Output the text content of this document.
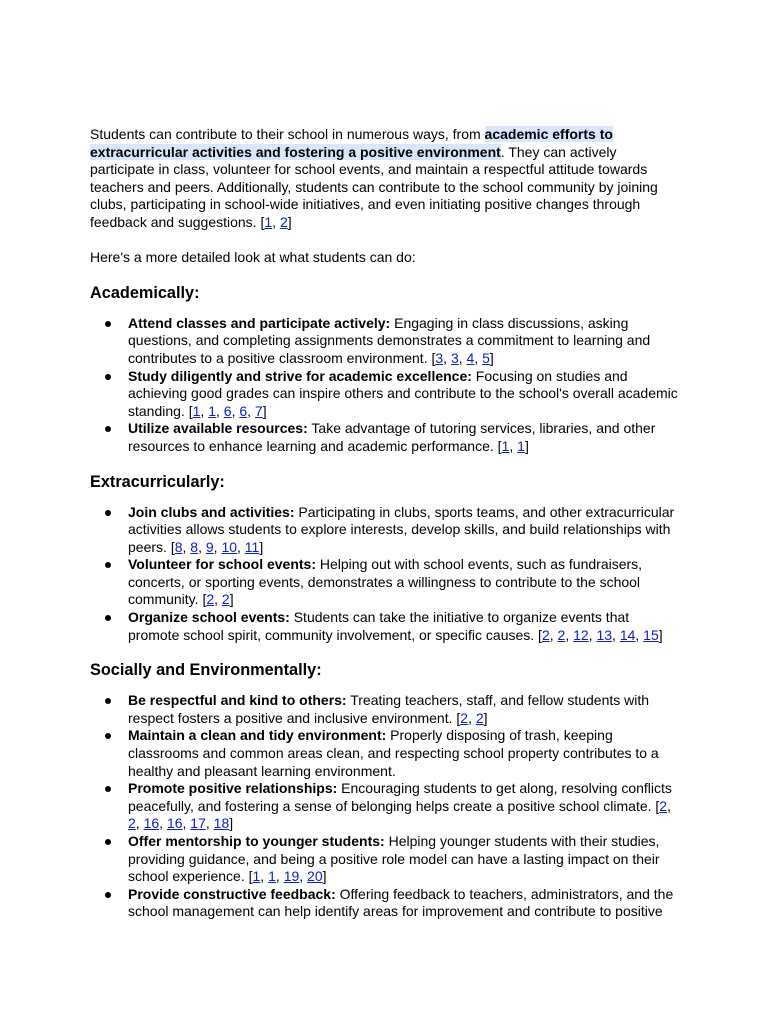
Students can contribute to their school in numerous ways, from academic efforts to extracurricular activities and fostering a positive environment. They can actively participate in class, volunteer for school events, and maintain a respectful attitude towards teachers and peers. Additionally, students can contribute to the school community by joining clubs, participating in school-wide initiatives, and even initiating positive changes through feedback and suggestions. [1, 2]

Here's a more detailed look at what students can do:

Academically:
Attend classes and participate actively: Engaging in class discussions, asking questions, and completing assignments demonstrates a commitment to learning and contributes to a positive classroom environment. [3, 3, 4, 5]
Study diligently and strive for academic excellence: Focusing on studies and achieving good grades can inspire others and contribute to the school's overall academic standing. [1, 1, 6, 6, 7]
Utilize available resources: Take advantage of tutoring services, libraries, and other resources to enhance learning and academic performance. [1, 1]
Extracurricularly:
Join clubs and activities: Participating in clubs, sports teams, and other extracurricular activities allows students to explore interests, develop skills, and build relationships with peers. [8, 8, 9, 10, 11]
Volunteer for school events: Helping out with school events, such as fundraisers, concerts, or sporting events, demonstrates a willingness to contribute to the school community. [2, 2]
Organize school events: Students can take the initiative to organize events that promote school spirit, community involvement, or specific causes. [2, 2, 12, 13, 14, 15]
Socially and Environmentally:
Be respectful and kind to others: Treating teachers, staff, and fellow students with respect fosters a positive and inclusive environment. [2, 2]
Maintain a clean and tidy environment: Properly disposing of trash, keeping classrooms and common areas clean, and respecting school property contributes to a healthy and pleasant learning environment.
Promote positive relationships: Encouraging students to get along, resolving conflicts peacefully, and fostering a sense of belonging helps create a positive school climate. [2, 2, 16, 16, 17, 18]
Offer mentorship to younger students: Helping younger students with their studies, providing guidance, and being a positive role model can have a lasting impact on their school experience. [1, 1, 19, 20]
Provide constructive feedback: Offering feedback to teachers, administrators, and the school management can help identify areas for improvement and contribute to positive
